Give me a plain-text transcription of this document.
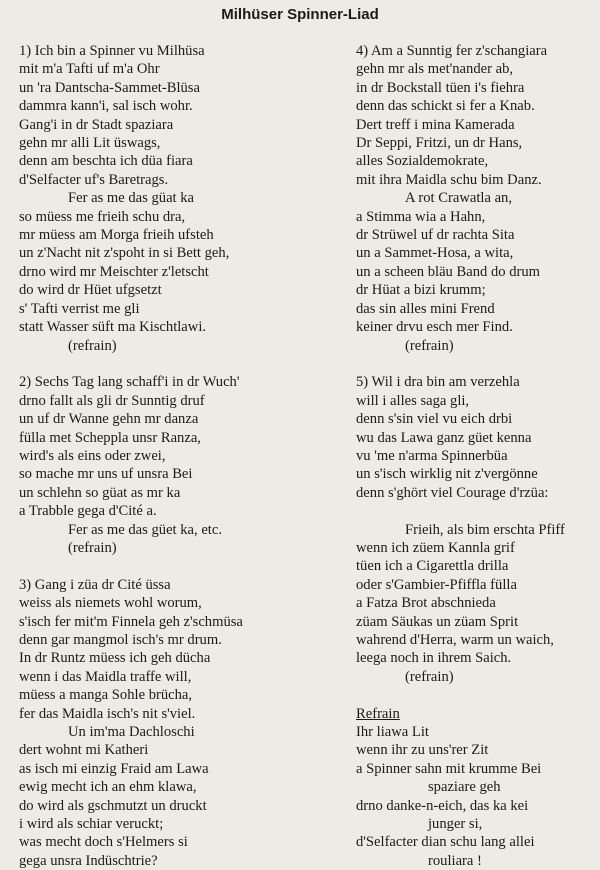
Milhüser Spinner-Liad
1) Ich bin a Spinner vu Milhüsa
mit m'a Tafti uf m'a Ohr
un 'ra Dantscha-Sammet-Blüsa
dammra kann'i, sal isch wohr.
Gang'i in dr Stadt spaziara
gehn mr alli Lit üswags,
denn am beschta ich düa fiara
d'Selfacter uf's Baretrags.
Fer as me das güat ka
so müess me frieih schu dra,
mr müess am Morga frieih ufsteh
un z'Nacht nit z'spoht in si Bett geh,
drno wird mr Meischter z'letscht
do wird dr Hüet ufgsetzt
s' Tafti verrist me gli
statt Wasser süft ma Kischtlawi.
(refrain)
2) Sechs Tag lang schaff'i in dr Wuch'
drno fallt als gli dr Sunntig druf
un uf dr Wanne gehn mr danza
fülla met Scheppla unsr Ranza,
wird's als eins oder zwei,
so mache mr uns uf unsra Bei
un schlehn so güat as mr ka
a Trabble gega d'Cité a.
Fer as me das güet ka, etc.
(refrain)
3) Gang i züa dr Cité üssa
weiss als niemets wohl worum,
s'isch fer mit'm Finnela geh z'schmüsa
denn gar mangmol isch's mr drum.
In dr Runtz müess ich geh dücha
wenn i das Maidla traffe will,
müess a manga Sohle brücha,
fer das Maidla isch's nit s'viel.
Un im'ma Dachloschi
dert wohnt mi Katheri
as isch mi einzig Fraid am Lawa
ewig mecht ich an ehm klawa,
do wird als gschmutzt un druckt
i wird als schiar veruckt;
was mecht doch s'Helmers si
gega unsra Indüschtrie?
4) Am a Sunntig fer z'schangiara
gehn mr als met'nander ab,
in dr Bockstall tüen i's fiehra
denn das schickt si fer a Knab.
Dert treff i mina Kamerada
Dr Seppi, Fritzi, un dr Hans,
alles Sozialdemokrate,
mit ihra Maidla schu bim Danz.
A rot Crawatla an,
a Stimma wia a Hahn,
dr Strüwel uf dr rachta Sita
un a Sammet-Hosa, a wita,
un a scheen bläu Band do drum
dr Hüat a bizi krumm;
das sin alles mini Frend
keiner drvu esch mer Find.
(refrain)
5) Wil i dra bin am verzehla
will i alles saga gli,
denn s'sin viel vu eich drbi
wu das Lawa ganz güet kenna
vu 'me n'arma Spinnerbüa
un s'isch wirklig nit z'vergönne
denn s'ghört viel Courage d'rzüa:
Frieih, als bim erschta Pfiff
wenn ich züem Kannla grif
tüen ich a Cigarettla drilla
oder s'Gambier-Pfiffla fülla
a Fatza Brot abschnieda
züam Säukas un züam Sprit
wahrend d'Herra, warm un waich,
leega noch in ihrem Saich.
(refrain)
Refrain
Ihr liawa Lit
wenn ihr zu uns'rer Zit
a Spinner sahn mit krumme Bei
spaziare geh
drno danke-n-eich, das ka kei
junger si,
d'Selfacter dian schu lang allei
rouliara !
